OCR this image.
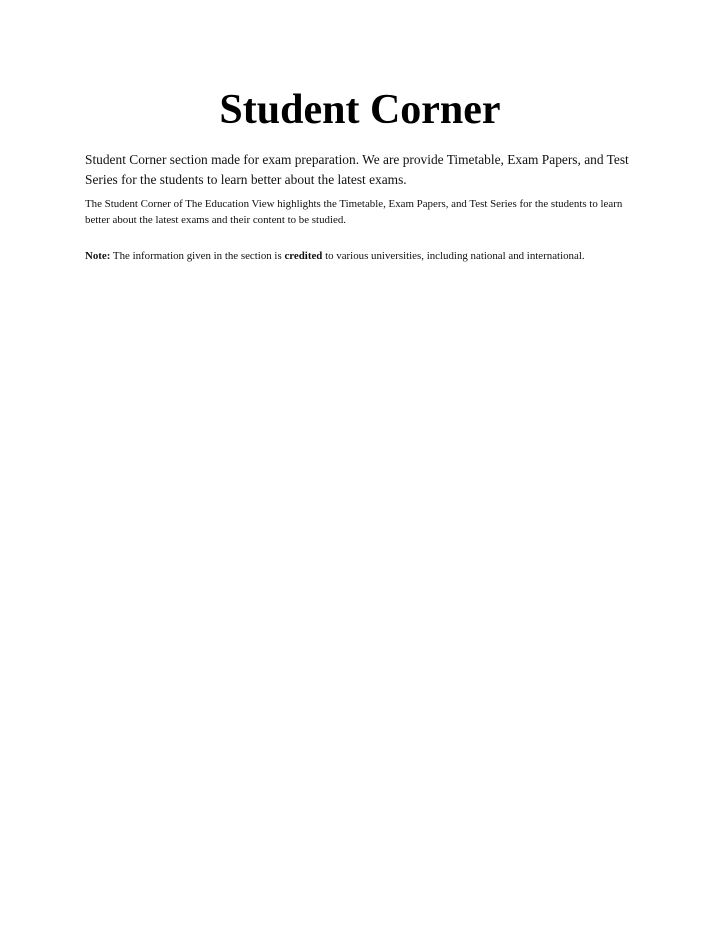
Student Corner

Student Corner section made for exam preparation. We are provide Timetable, Exam Papers, and Test Series for the students to learn better about the latest exams.

The Student Corner of The Education View highlights the Timetable, Exam Papers, and Test Series for the students to learn better about the latest exams and their content to be studied.

Note: The information given in the section is credited to various universities, including national and international.
